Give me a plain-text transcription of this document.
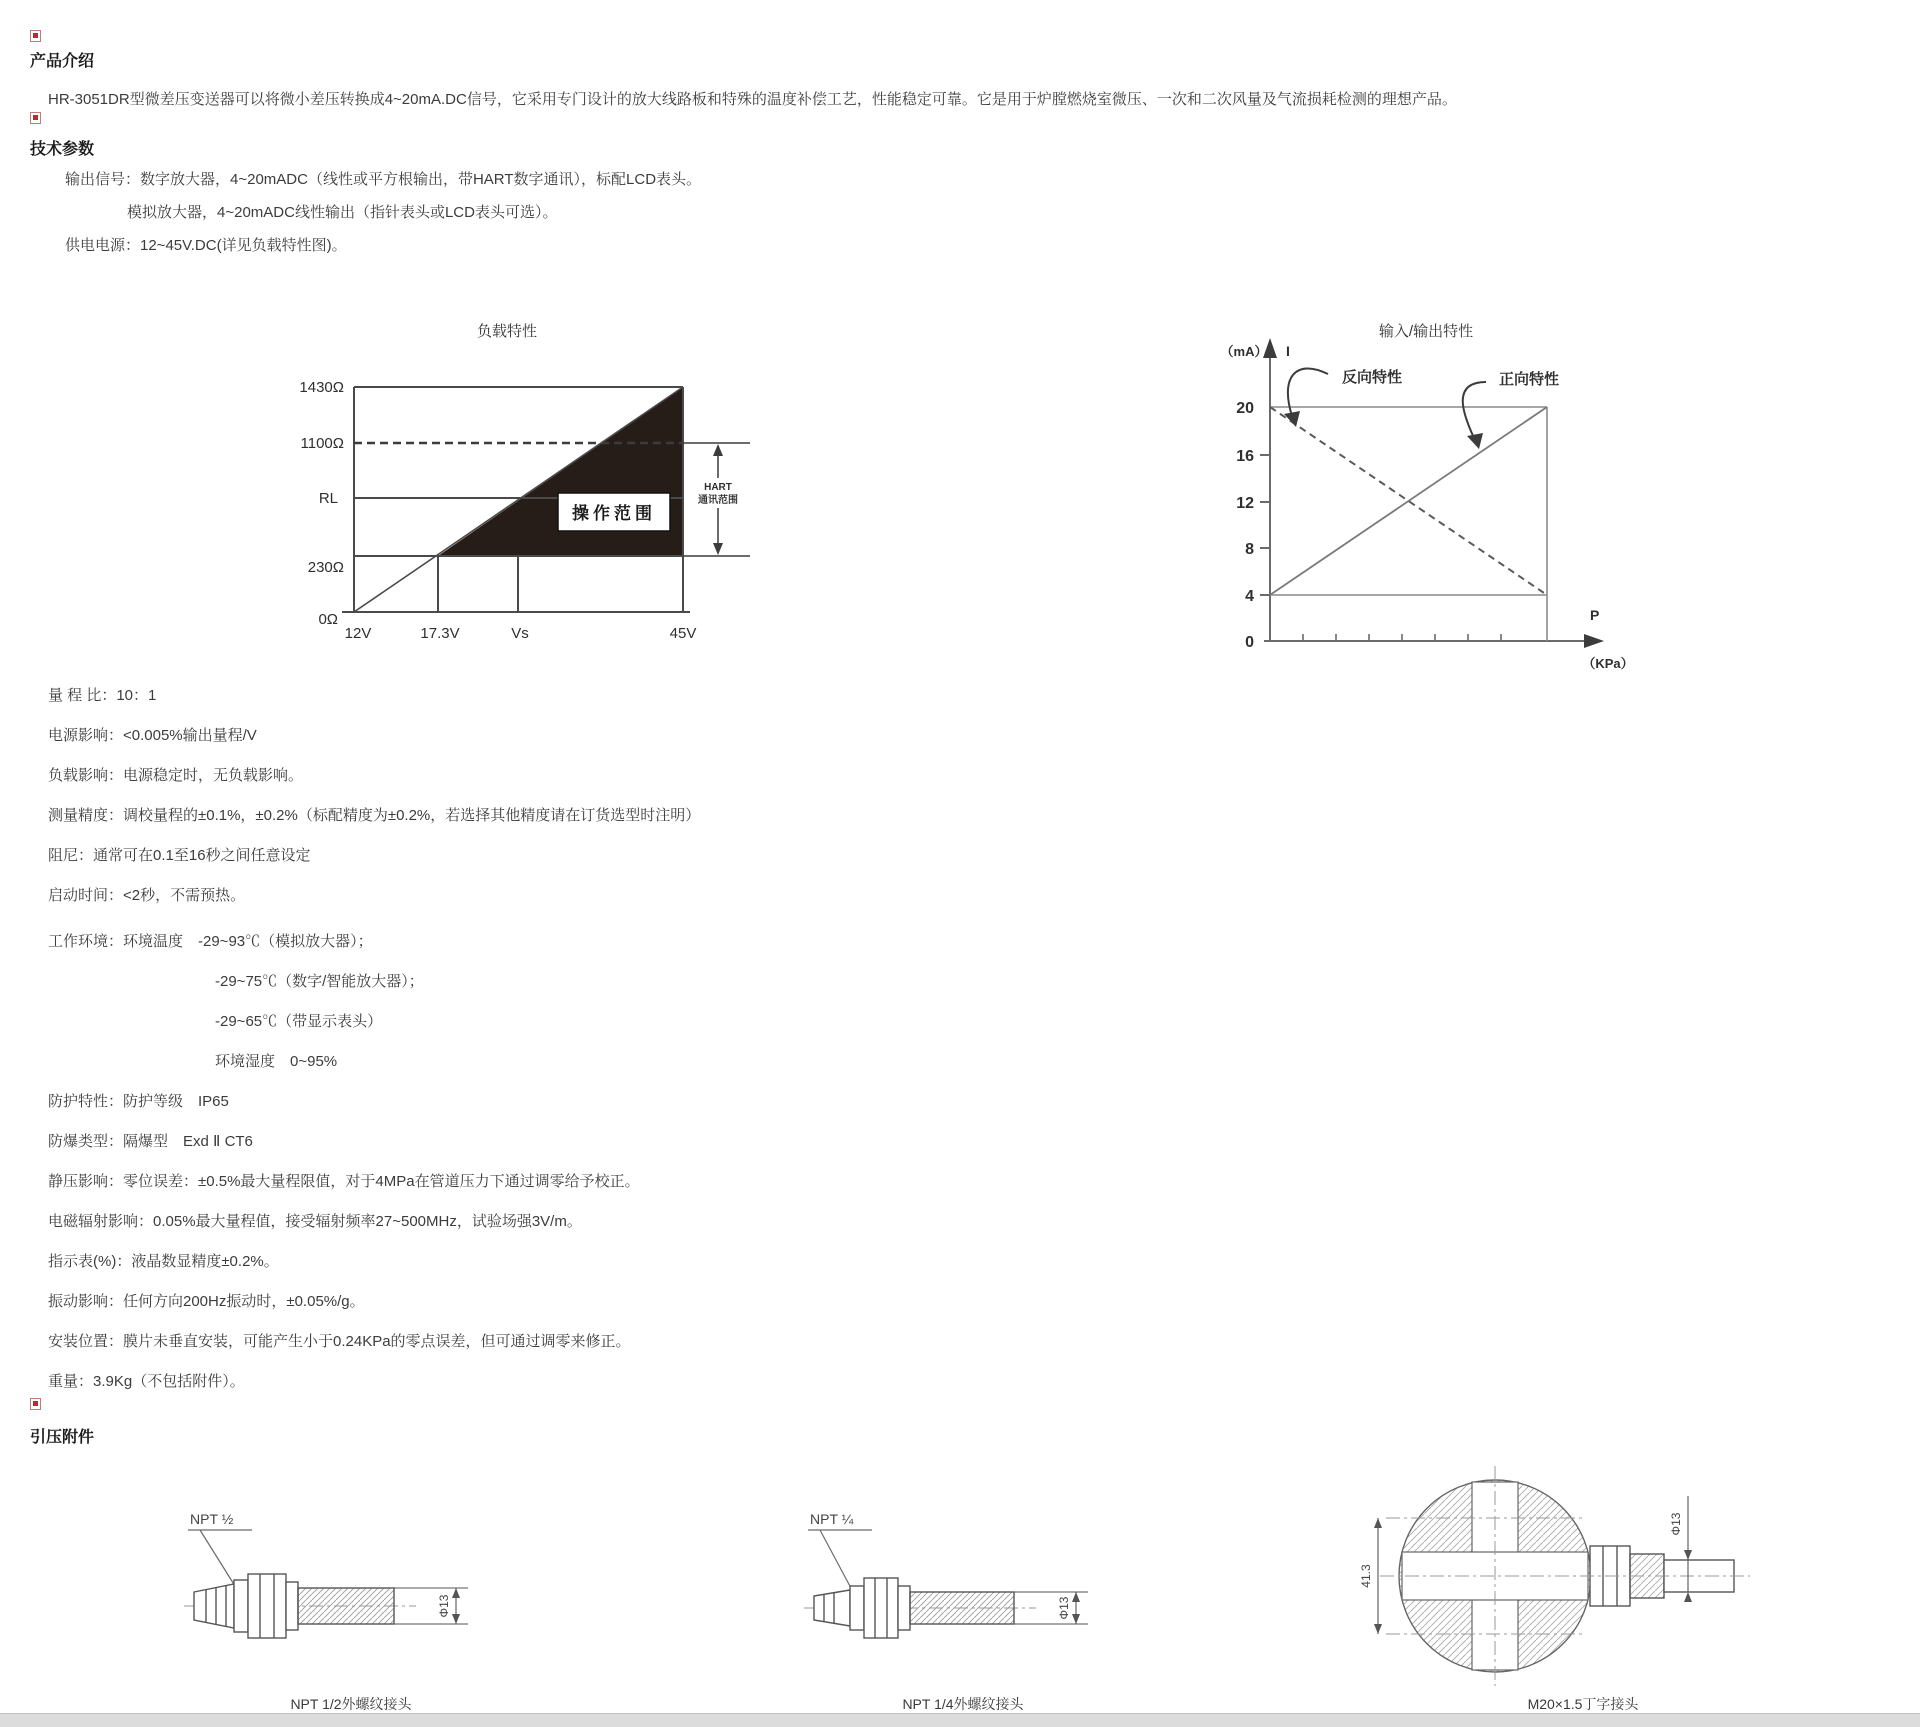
产品介绍
HR-3051DR型微差压变送器可以将微小差压转换成4~20mA.DC信号，它采用专门设计的放大线路板和特殊的温度补偿工艺，性能稳定可靠。它是用于炉膛燃烧室微压、一次和二次风量及气流损耗检测的理想产品。
技术参数
输出信号：数字放大器，4~20mADC（线性或平方根输出，带HART数字通讯），标配LCD表头。
模拟放大器，4~20mADC线性输出（指针表头或LCD表头可选）。
供电电源：12~45V.DC(详见负载特性图)。
负载特性
1430Ω
1100Ω
RL
230Ω
0Ω
12V	17.3V	Vs	45V
操作范围
HART
通讯范围
输入/输出特性
（mA） I
P
（KPa）
20
16
12
8
4
0
反向特性	正向特性
量 程 比：10：1
电源影响：<0.005%输出量程/V
负载影响：电源稳定时，无负载影响。
测量精度：调校量程的±0.1%，±0.2%（标配精度为±0.2%，若选择其他精度请在订货选型时注明）
阻尼：通常可在0.1至16秒之间任意设定
启动时间：<2秒，不需预热。
工作环境：环境温度　-29~93℃（模拟放大器）；
-29~75℃（数字/智能放大器）；
-29~65℃（带显示表头）
环境湿度　0~95%
防护特性：防护等级　IP65
防爆类型：隔爆型　Exd Ⅱ CT6
静压影响：零位误差：±0.5%最大量程限值，对于4MPa在管道压力下通过调零给予校正。
电磁辐射影响：0.05%最大量程值，接受辐射频率27~500MHz，试验场强3V/m。
指示表(%)：液晶数显精度±0.2%。
振动影响：任何方向200Hz振动时，±0.05%/g。
安装位置：膜片未垂直安装，可能产生小于0.24KPa的零点误差，但可通过调零来修正。
重量：3.9Kg（不包括附件）。
引压附件
NPT ½
Φ13
NPT ¼
Φ13
41.3
Φ13
NPT 1/2外螺纹接头	NPT 1/4外螺纹接头	M20×1.5丁字接头
